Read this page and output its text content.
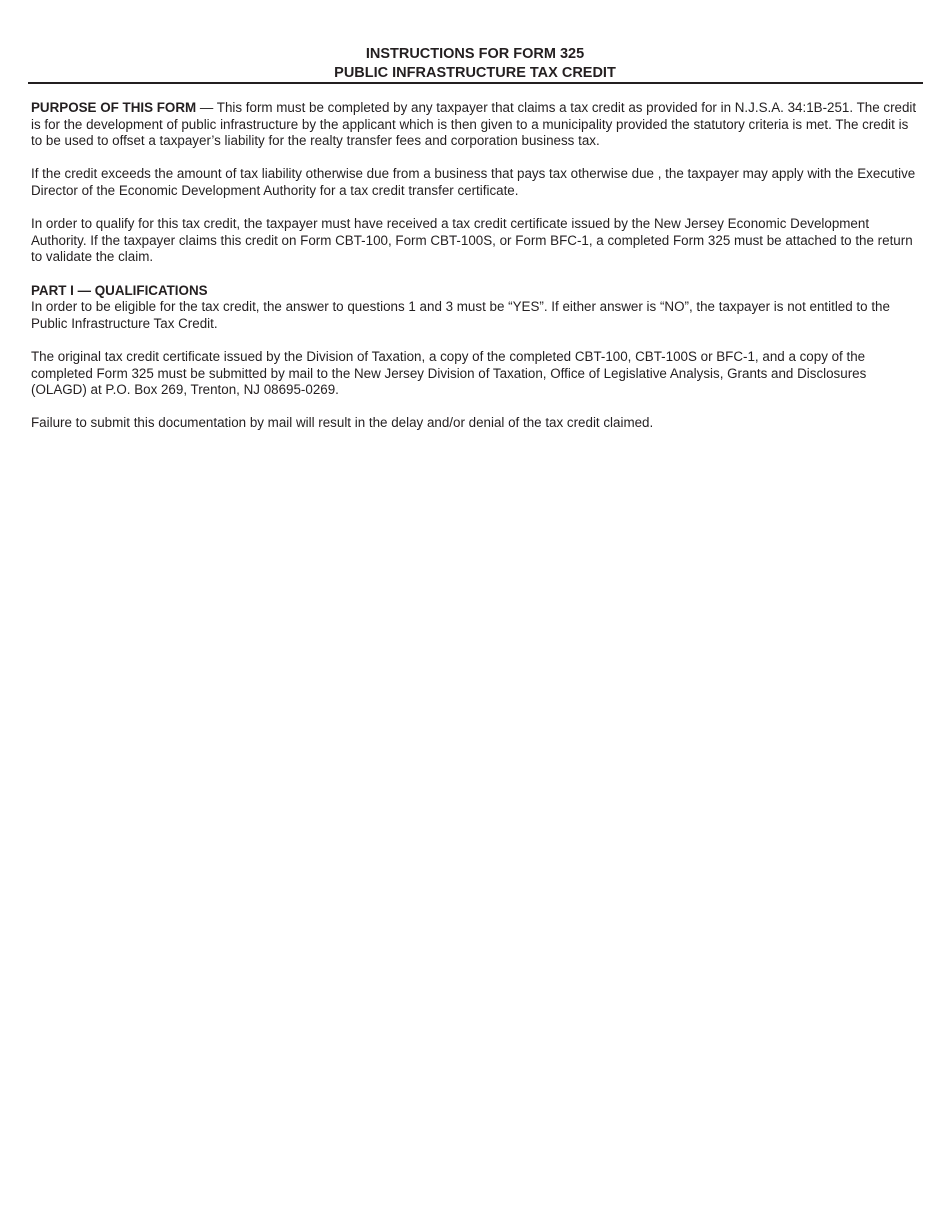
INSTRUCTIONS FOR FORM 325
PUBLIC INFRASTRUCTURE TAX CREDIT

PURPOSE OF THIS FORM — This form must be completed by any taxpayer that claims a tax credit as provided for in N.J.S.A. 34:1B-251. The credit is for the development of public infrastructure by the applicant which is then given to a municipality provided the statutory criteria is met. The credit is to be used to offset a taxpayer’s liability for the realty transfer fees and corporation business tax.

If the credit exceeds the amount of tax liability otherwise due from a business that pays tax otherwise due , the taxpayer may apply with the Executive Director of the Economic Development Authority for a tax credit transfer certificate.

In order to qualify for this tax credit, the taxpayer must have received a tax credit certificate issued by the New Jersey Economic Development Authority. If the taxpayer claims this credit on Form CBT-100, Form CBT-100S, or Form BFC-1, a completed Form 325 must be attached to the return to validate the claim.

PART I — QUALIFICATIONS

In order to be eligible for the tax credit, the answer to questions 1 and 3 must be “YES”. If either answer is “NO”, the taxpayer is not entitled to the Public Infrastructure Tax Credit.

The original tax credit certificate issued by the Division of Taxation, a copy of the completed CBT-100, CBT-100S or BFC-1, and a copy of the completed Form 325 must be submitted by mail to the New Jersey Division of Taxation, Office of Legislative Analysis, Grants and Disclosures (OLAGD) at P.O. Box 269, Trenton, NJ 08695-0269.

Failure to submit this documentation by mail will result in the delay and/or denial of the tax credit claimed.
